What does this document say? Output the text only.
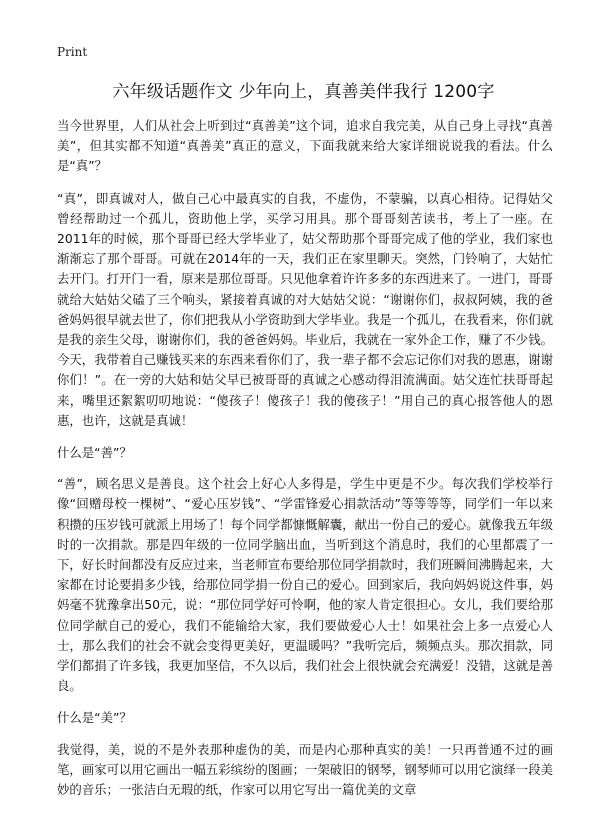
Print
六年级话题作文 少年向上，真善美伴我行 1200字

当今世界里，人们从社会上听到过“真善美”这个词，追求自我完美，从自己身上寻找“真善美”，但其实都不知道“真善美”真正的意义，下面我就来给大家详细说说我的看法。什么是“真”？

“真”，即真诚对人，做自己心中最真实的自我，不虚伪，不蒙骗，以真心相待。记得姑父曾经帮助过一个孤儿，资助他上学，买学习用具。那个哥哥刻苦读书，考上了一座。在2011年的时候，那个哥哥已经大学毕业了，姑父帮助那个哥哥完成了他的学业，我们家也渐渐忘了那个哥哥。可就在2014年的一天，我们正在家里聊天。突然，门铃响了，大姑忙去开门。打开门一看，原来是那位哥哥。只见他拿着许许多多的东西进来了。一进门，哥哥就给大姑姑父磕了三个响头，紧接着真诚的对大姑姑父说：“谢谢你们，叔叔阿姨，我的爸爸妈妈很早就去世了，你们把我从小学资助到大学毕业。我是一个孤儿，在我看来，你们就是我的亲生父母，谢谢你们，我的爸爸妈妈。毕业后，我就在一家外企工作，赚了不少钱。今天，我带着自己赚钱买来的东西来看你们了，我一辈子都不会忘记你们对我的恩惠，谢谢你们！”。在一旁的大姑和姑父早已被哥哥的真诚之心感动得泪流满面。姑父连忙扶哥哥起来，嘴里还絮絮叨叨地说：“傻孩子！傻孩子！我的傻孩子！”用自己的真心报答他人的恩惠，也许，这就是真诚！

什么是“善”？

“善”，顾名思义是善良。这个社会上好心人多得是，学生中更是不少。每次我们学校举行像“回赠母校一棵树”、“爱心压岁钱”、“学雷锋爱心捐款活动”等等等等，同学们一年以来积攒的压岁钱可就派上用场了！每个同学都慷慨解囊，献出一份自己的爱心。就像我五年级时的一次捐款。那是四年级的一位同学脑出血，当听到这个消息时，我们的心里都震了一下，好长时间都没有反应过来，当老师宣布要给那位同学捐款时，我们班瞬间沸腾起来，大家都在讨论要捐多少钱，给那位同学捐一份自己的爱心。回到家后，我向妈妈说这件事，妈妈毫不犹豫拿出50元，说：“那位同学好可怜啊，他的家人肯定很担心。女儿，我们要给那位同学献自己的爱心，我们不能输给大家，我们要做爱心人士！如果社会上多一点爱心人士，那么我们的社会不就会变得更美好，更温暖吗？”我听完后，频频点头。那次捐款，同学们都捐了许多钱，我更加坚信，不久以后，我们社会上很快就会充满爱！没错，这就是善良。

什么是“美”？

我觉得，美，说的不是外表那种虚伪的美，而是内心那种真实的美！一只再普通不过的画笔，画家可以用它画出一幅五彩缤纷的图画；一架破旧的钢琴，钢琴师可以用它演绎一段美妙的音乐；一张洁白无瑕的纸，作家可以用它写出一篇优美的文章
